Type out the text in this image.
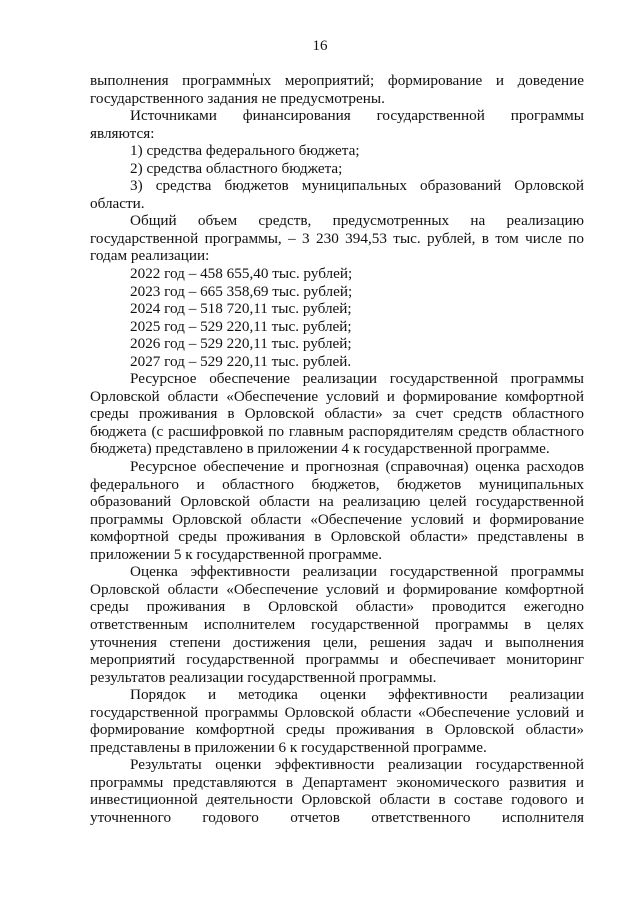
16

выполнения программных мероприятий; формирование и доведение государственного задания не предусмотрены.

Источниками финансирования государственной программы являются:

1) средства федерального бюджета;

2) средства областного бюджета;

3) средства бюджетов муниципальных образований Орловской области.

Общий объем средств, предусмотренных на реализацию государственной программы, – 3 230 394,53 тыс. рублей, в том числе по годам реализации:

2022 год – 458 655,40 тыс. рублей;

2023 год – 665 358,69 тыс. рублей;

2024 год – 518 720,11 тыс. рублей;

2025 год – 529 220,11 тыс. рублей;

2026 год – 529 220,11 тыс. рублей;

2027 год – 529 220,11 тыс. рублей.

Ресурсное обеспечение реализации государственной программы Орловской области «Обеспечение условий и формирование комфортной среды проживания в Орловской области» за счет средств областного бюджета (с расшифровкой по главным распорядителям средств областного бюджета) представлено в приложении 4 к государственной программе.

Ресурсное обеспечение и прогнозная (справочная) оценка расходов федерального и областного бюджетов, бюджетов муниципальных образований Орловской области на реализацию целей государственной программы Орловской области «Обеспечение условий и формирование комфортной среды проживания в Орловской области» представлены в приложении 5 к государственной программе.

Оценка эффективности реализации государственной программы Орловской области «Обеспечение условий и формирование комфортной среды проживания в Орловской области» проводится ежегодно ответственным исполнителем государственной программы в целях уточнения степени достижения цели, решения задач и выполнения мероприятий государственной программы и обеспечивает мониторинг результатов реализации государственной программы.

Порядок и методика оценки эффективности реализации государственной программы Орловской области «Обеспечение условий и формирование комфортной среды проживания в Орловской области» представлены в приложении 6 к государственной программе.

Результаты оценки эффективности реализации государственной программы представляются в Департамент экономического развития и инвестиционной деятельности Орловской области в составе годового и уточненного годового отчетов ответственного исполнителя
